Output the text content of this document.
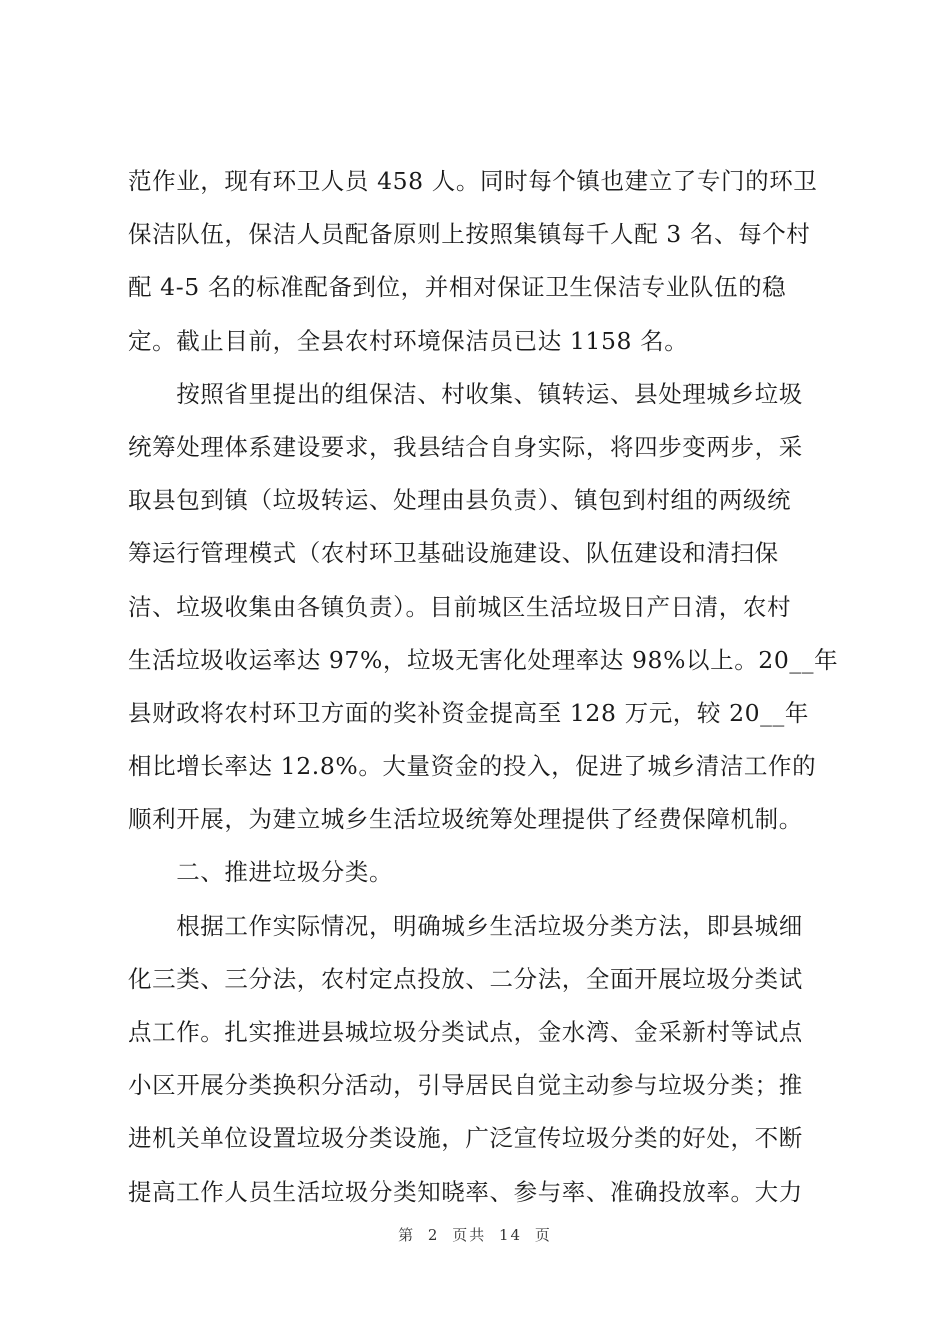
范作业，现有环卫人员 458 人。同时每个镇也建立了专门的环卫
保洁队伍，保洁人员配备原则上按照集镇每千人配 3 名、每个村
配 4-5 名的标准配备到位，并相对保证卫生保洁专业队伍的稳
定。截止目前，全县农村环境保洁员已达 1158 名。
　　按照省里提出的组保洁、村收集、镇转运、县处理城乡垃圾
统筹处理体系建设要求，我县结合自身实际，将四步变两步，采
取县包到镇（垃圾转运、处理由县负责）、镇包到村组的两级统
筹运行管理模式（农村环卫基础设施建设、队伍建设和清扫保
洁、垃圾收集由各镇负责）。目前城区生活垃圾日产日清，农村
生活垃圾收运率达 97%，垃圾无害化处理率达 98%以上。20__年
县财政将农村环卫方面的奖补资金提高至 128 万元，较 20__年
相比增长率达 12.8%。大量资金的投入，促进了城乡清洁工作的
顺利开展，为建立城乡生活垃圾统筹处理提供了经费保障机制。
　　二、推进垃圾分类。
　　根据工作实际情况，明确城乡生活垃圾分类方法，即县城细
化三类、三分法，农村定点投放、二分法，全面开展垃圾分类试
点工作。扎实推进县城垃圾分类试点，金水湾、金采新村等试点
小区开展分类换积分活动，引导居民自觉主动参与垃圾分类；推
进机关单位设置垃圾分类设施，广泛宣传垃圾分类的好处，不断
提高工作人员生活垃圾分类知晓率、参与率、准确投放率。大力
第 2 页共 14 页
